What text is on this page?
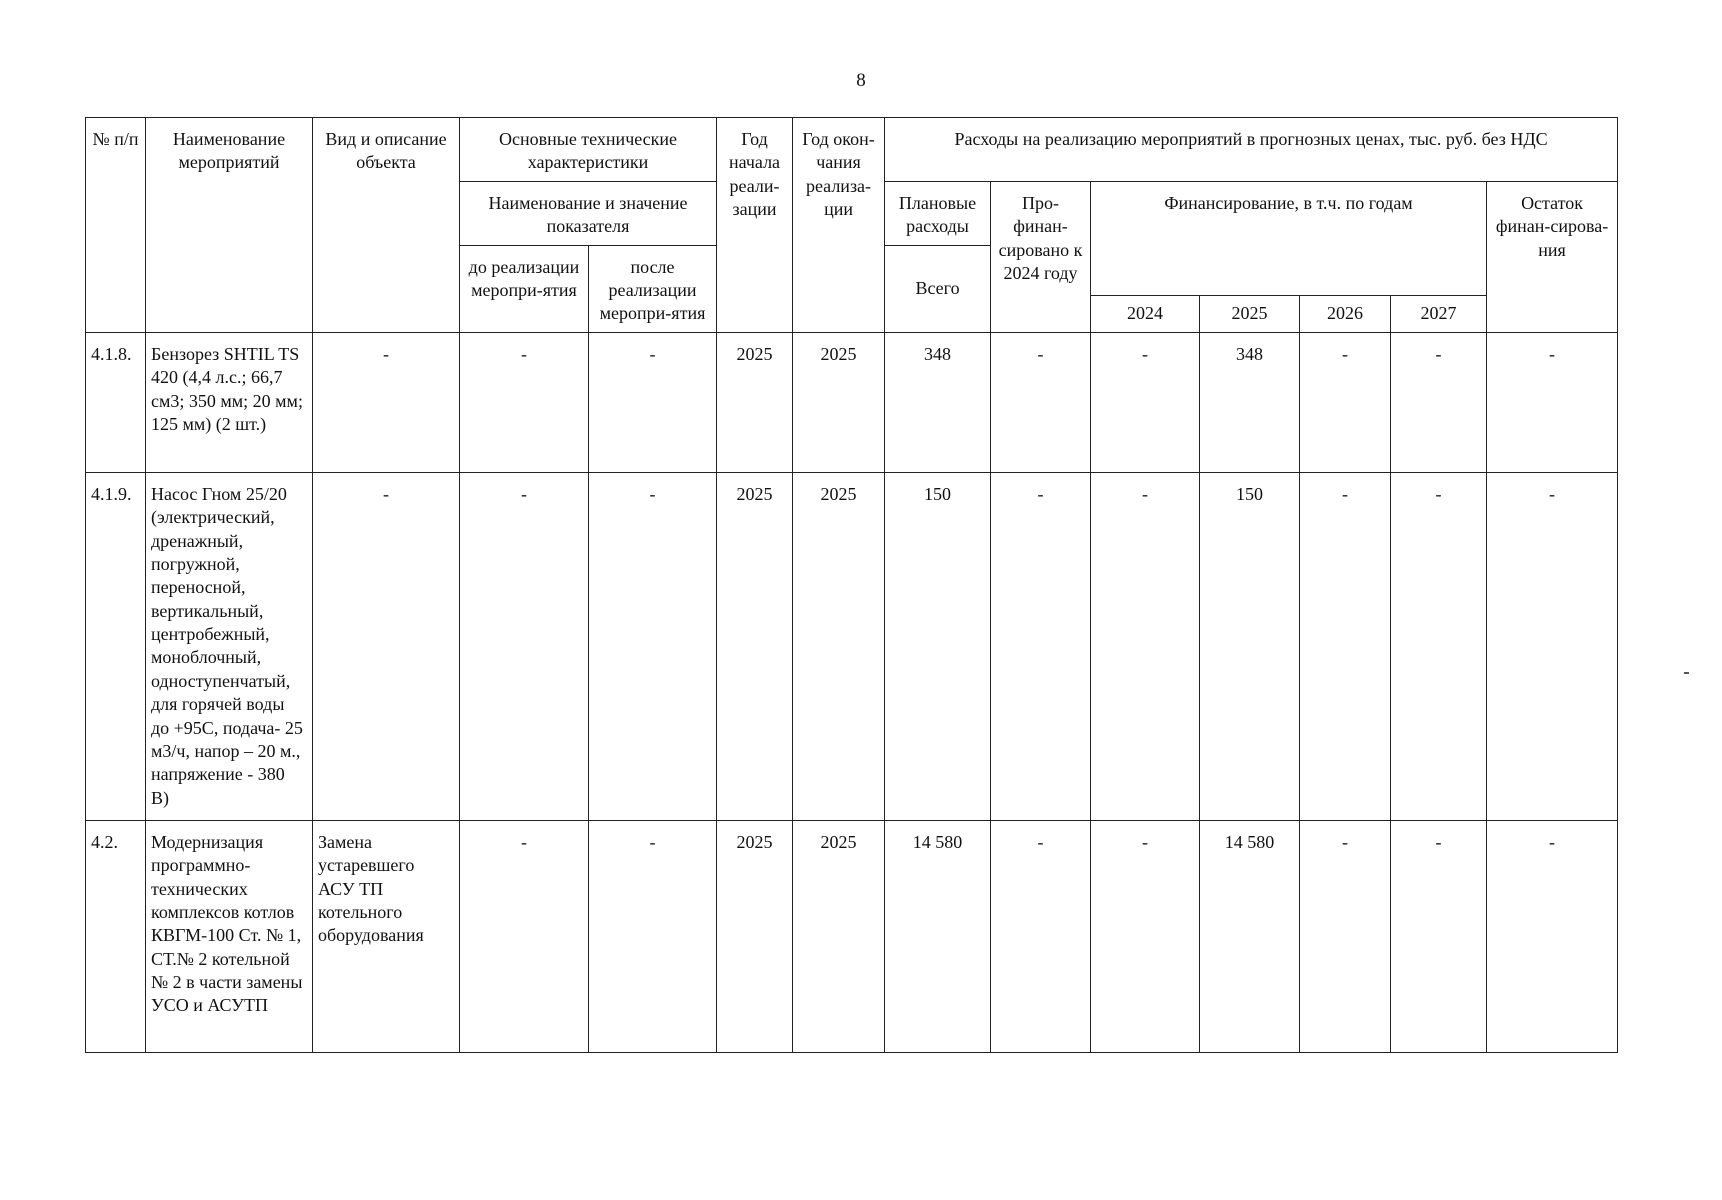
8
№ п/п	Наименование мероприятий	Вид и описание объекта	Основные технические характеристики		Год начала реали-зации	Год окон-чания реализа-ции	Расходы на реализацию мероприятий в прогнозных ценах, тыс. руб. без НДС						
			Наименование и значение показателя				Плановые расходы	Про-финан-сировано к 2024 году	Финансирование, в т.ч. по годам				Остаток финан-сирова-ния
			до реализации меропри-ятия	после реализации меропри-ятия									
							Всего						
									2024	2025	2026	2027	
4.1.8.	Бензорез SHTIL TS 420 (4,4 л.с.; 66,7 см3; 350 мм; 20 мм; 125 мм) (2 шт.)	-	-	-	2025	2025	348	-	-	348	-	-	-
4.1.9.	Насос Гном 25/20 (электрический, дренажный, погружной, переносной, вертикальный, центробежный, моноблочный, одноступенчатый, для горячей воды до +95С, подача- 25 м3/ч, напор – 20 м., напряжение - 380 В)	-	-	-	2025	2025	150	-	-	150	-	-	-
4.2.	Модернизация программно-технических комплексов котлов КВГМ-100 Ст. № 1, СТ.№ 2 котельной № 2 в части замены УСО и АСУТП	Замена устаревшего АСУ ТП котельного оборудования	-	-	2025	2025	14 580	-	-	14 580	-	-	-
